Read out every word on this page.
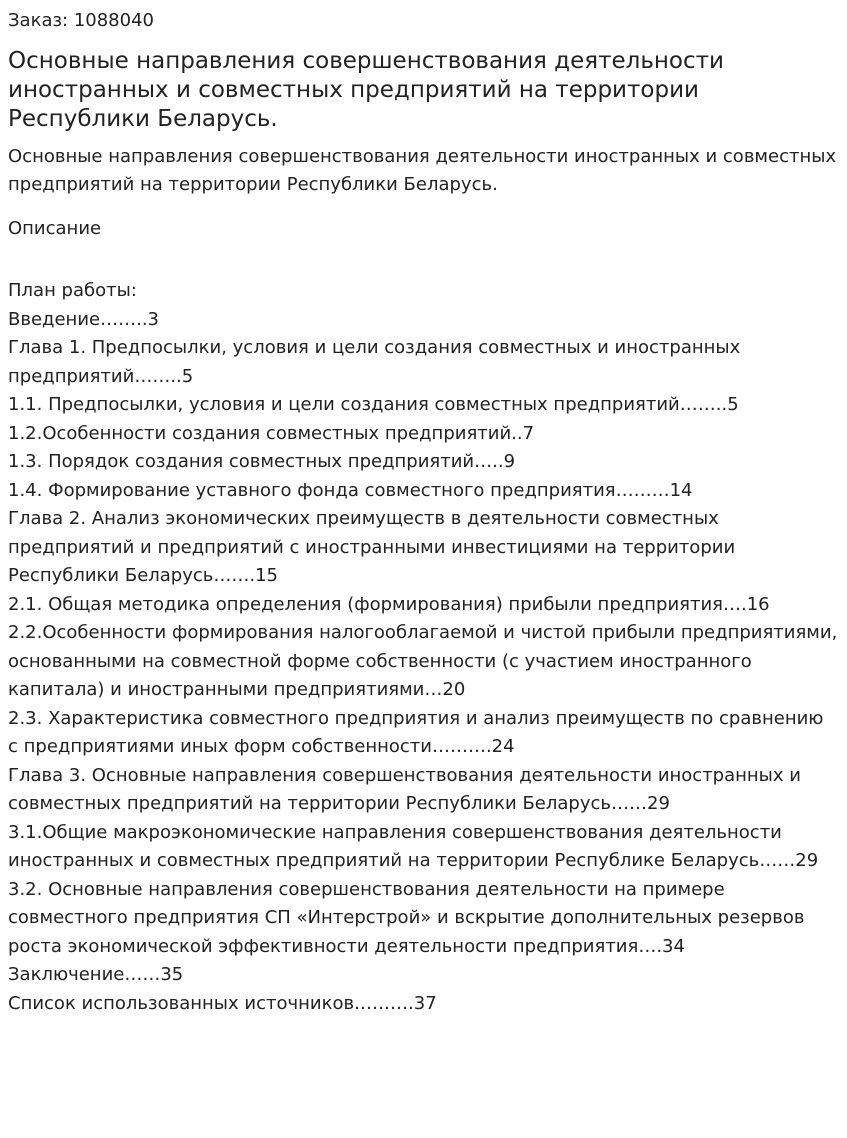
Заказ: 1088040

Основные направления совершенствования деятельности иностранных и совместных предприятий на территории Республики Беларусь.

Основные направления совершенствования деятельности иностранных и совместных предприятий на территории Республики Беларусь.

Описание

План работы:

Введение……..3
Глава 1. Предпосылки, условия и цели создания совместных и иностранных предприятий……..5
1.1. Предпосылки, условия и цели создания совместных предприятий……..5
1.2.Особенности создания совместных предприятий..7
1.3. Порядок создания совместных предприятий…..9
1.4. Формирование уставного фонда совместного предприятия………14
Глава 2. Анализ экономических преимуществ в деятельности совместных предприятий и предприятий с иностранными инвестициями на территории Республики Беларусь…….15
2.1. Общая методика определения (формирования) прибыли предприятия….16
2.2.Особенности формирования налогооблагаемой и чистой прибыли предприятиями, основанными на совместной форме собственности (с участием иностранного капитала) и иностранными предприятиями…20
2.3. Характеристика совместного предприятия и анализ преимуществ по сравнению с предприятиями иных форм собственности……….24
Глава 3. Основные направления совершенствования деятельности иностранных и совместных предприятий на территории Республики Беларусь……29
3.1.Общие макроэкономические направления совершенствования деятельности иностранных и совместных предприятий на территории Республике Беларусь……29
3.2. Основные направления совершенствования деятельности на примере совместного предприятия СП «Интерстрой» и вскрытие дополнительных резервов роста экономической эффективности деятельности предприятия….34
Заключение……35
Список использованных источников……….37
